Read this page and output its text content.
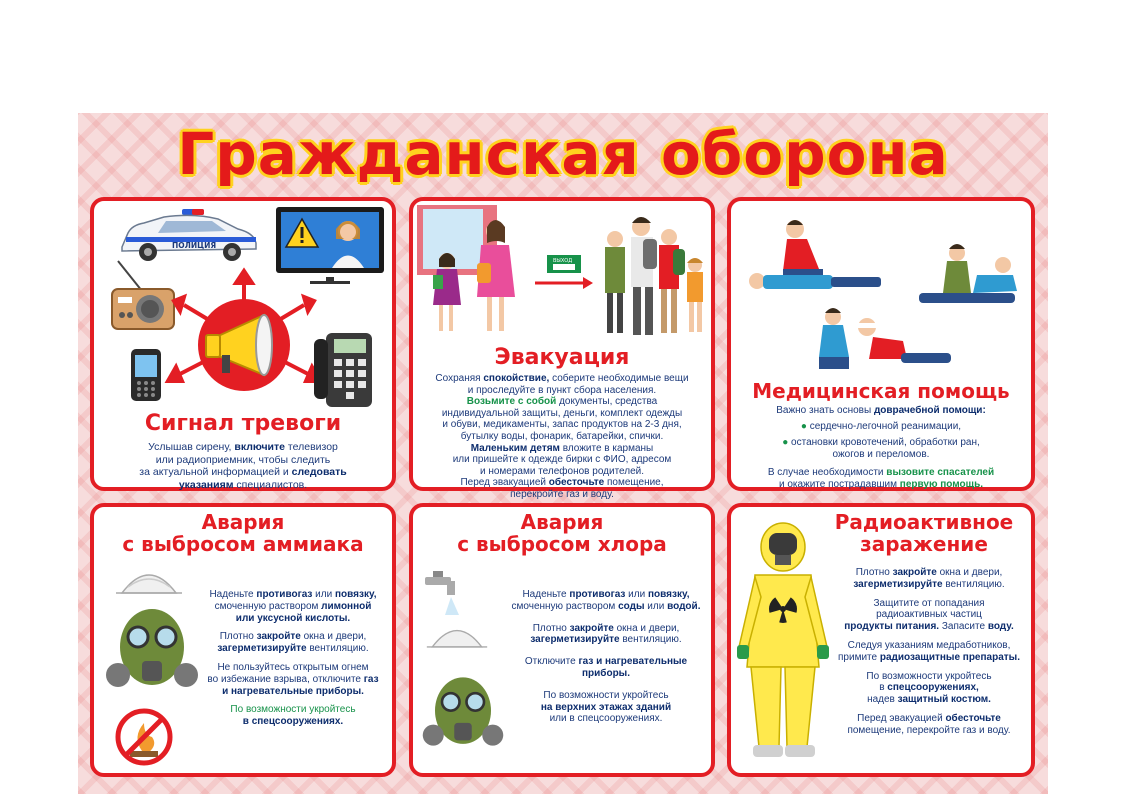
Гражданская оборона
ПОЛИЦИЯ
Сигнал тревоги
Услышав сирену, включите телевизор
или радиоприемник, чтобы следить
за актуальной информацией и следовать
указаниям специалистов.
ВЫХОД
Эвакуация
Сохраняя спокойствие, соберите необходимые вещи
и проследуйте в пункт сбора населения.
Возьмите с собой документы, средства
индивидуальной защиты, деньги, комплект одежды
и обуви, медикаменты, запас продуктов на 2-3 дня,
бутылку воды, фонарик, батарейки, спички.
Маленьким детям вложите в карманы
или пришейте к одежде бирки с ФИО, адресом
и номерами телефонов родителей.
Перед эвакуацией обесточьте помещение,
перекройте газ и воду.
Медицинская помощь
Важно знать основы доврачебной помощи:
● сердечно-легочной реанимации,
● остановки кровотечений, обработки ран,
ожогов и переломов.
В случае необходимости вызовите спасателей
и окажите пострадавшим первую помощь.
Авария
с выбросом аммиака
Наденьте противогаз или повязку,
смоченную раствором лимонной
или уксусной кислоты.
Плотно закройте окна и двери,
загерметизируйте вентиляцию.
Не пользуйтесь открытым огнем
во избежание взрыва, отключите газ
и нагревательные приборы.
По возможности укройтесь
в спецсооружениях.
Авария
с выбросом хлора
Наденьте противогаз или повязку,
смоченную раствором соды или водой.
Плотно закройте окна и двери,
загерметизируйте вентиляцию.
Отключите газ и нагревательные
приборы.
По возможности укройтесь
на верхних этажах зданий
или в спецсооружениях.
Радиоактивное
заражение
Плотно закройте окна и двери,
загерметизируйте вентиляцию.
Защитите от попадания
радиоактивных частиц
продукты питания. Запасите воду.
Следуя указаниям медработников,
примите радиозащитные препараты.
По возможности укройтесь
в спецсооружениях,
надев защитный костюм.
Перед эвакуацией обесточьте
помещение, перекройте газ и воду.
